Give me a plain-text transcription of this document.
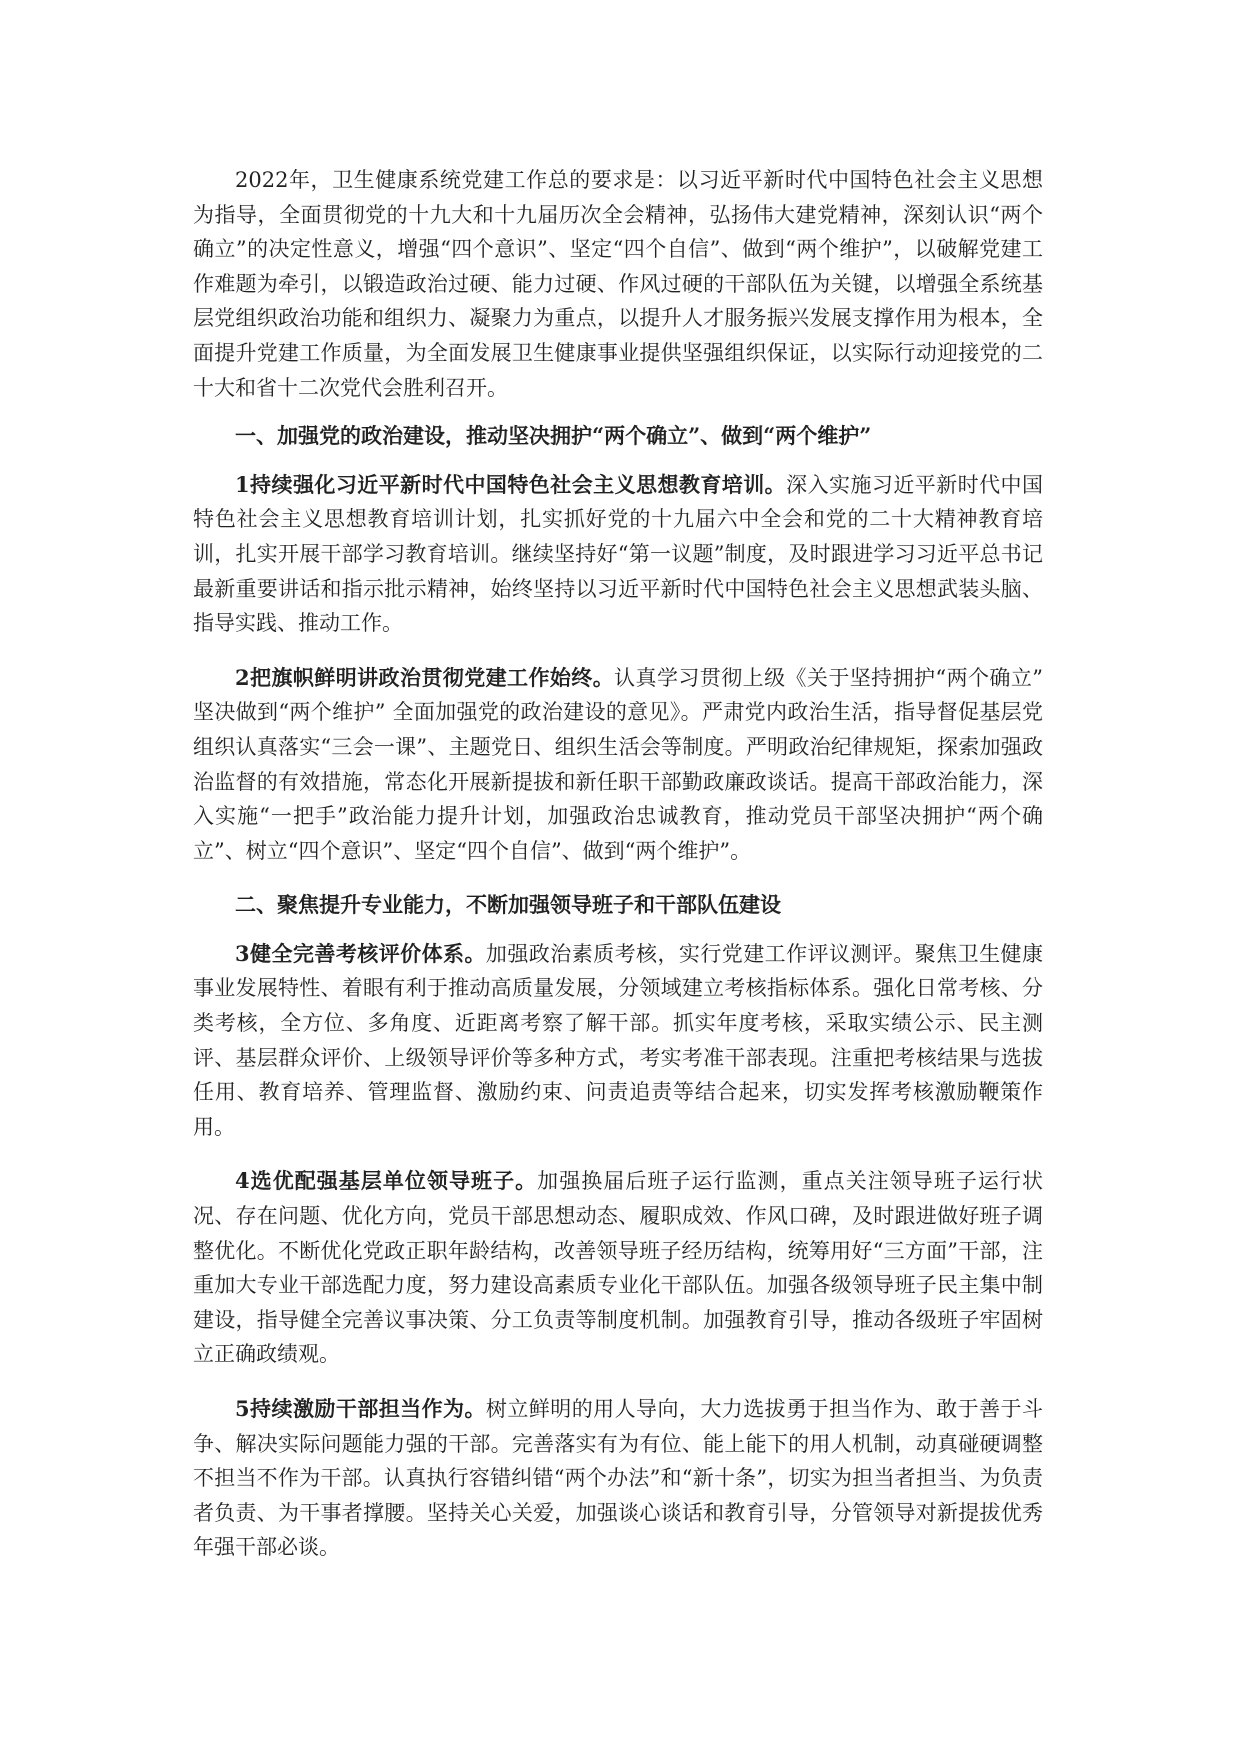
2022年，卫生健康系统党建工作总的要求是：以习近平新时代中国特色社会主义思想为指导，全面贯彻党的十九大和十九届历次全会精神，弘扬伟大建党精神，深刻认识“两个确立”的决定性意义，增强“四个意识”、坚定“四个自信”、做到“两个维护”，以破解党建工作难题为牵引，以锻造政治过硬、能力过硬、作风过硬的干部队伍为关键，以增强全系统基层党组织政治功能和组织力、凝聚力为重点，以提升人才服务振兴发展支撑作用为根本，全面提升党建工作质量，为全面发展卫生健康事业提供坚强组织保证，以实际行动迎接党的二十大和省十二次党代会胜利召开。

一、加强党的政治建设，推动坚决拥护“两个确立”、做到“两个维护”

1持续强化习近平新时代中国特色社会主义思想教育培训。深入实施习近平新时代中国特色社会主义思想教育培训计划，扎实抓好党的十九届六中全会和党的二十大精神教育培训，扎实开展干部学习教育培训。继续坚持好“第一议题”制度，及时跟进学习习近平总书记最新重要讲话和指示批示精神，始终坚持以习近平新时代中国特色社会主义思想武装头脑、指导实践、推动工作。

2把旗帜鲜明讲政治贯彻党建工作始终。认真学习贯彻上级《关于坚持拥护“两个确立” 坚决做到“两个维护” 全面加强党的政治建设的意见》。严肃党内政治生活，指导督促基层党组织认真落实“三会一课”、主题党日、组织生活会等制度。严明政治纪律规矩，探索加强政治监督的有效措施，常态化开展新提拔和新任职干部勤政廉政谈话。提高干部政治能力，深入实施“一把手”政治能力提升计划，加强政治忠诚教育，推动党员干部坚决拥护“两个确立”、树立“四个意识”、坚定“四个自信”、做到“两个维护”。

二、聚焦提升专业能力，不断加强领导班子和干部队伍建设

3健全完善考核评价体系。加强政治素质考核，实行党建工作评议测评。聚焦卫生健康事业发展特性、着眼有利于推动高质量发展，分领域建立考核指标体系。强化日常考核、分类考核，全方位、多角度、近距离考察了解干部。抓实年度考核，采取实绩公示、民主测评、基层群众评价、上级领导评价等多种方式，考实考准干部表现。注重把考核结果与选拔任用、教育培养、管理监督、激励约束、问责追责等结合起来，切实发挥考核激励鞭策作用。

4选优配强基层单位领导班子。加强换届后班子运行监测，重点关注领导班子运行状况、存在问题、优化方向，党员干部思想动态、履职成效、作风口碑，及时跟进做好班子调整优化。不断优化党政正职年龄结构，改善领导班子经历结构，统筹用好“三方面”干部，注重加大专业干部选配力度，努力建设高素质专业化干部队伍。加强各级领导班子民主集中制建设，指导健全完善议事决策、分工负责等制度机制。加强教育引导，推动各级班子牢固树立正确政绩观。

5持续激励干部担当作为。树立鲜明的用人导向，大力选拔勇于担当作为、敢于善于斗争、解决实际问题能力强的干部。完善落实有为有位、能上能下的用人机制，动真碰硬调整不担当不作为干部。认真执行容错纠错“两个办法”和“新十条”，切实为担当者担当、为负责者负责、为干事者撑腰。坚持关心关爱，加强谈心谈话和教育引导，分管领导对新提拔优秀年强干部必谈。
